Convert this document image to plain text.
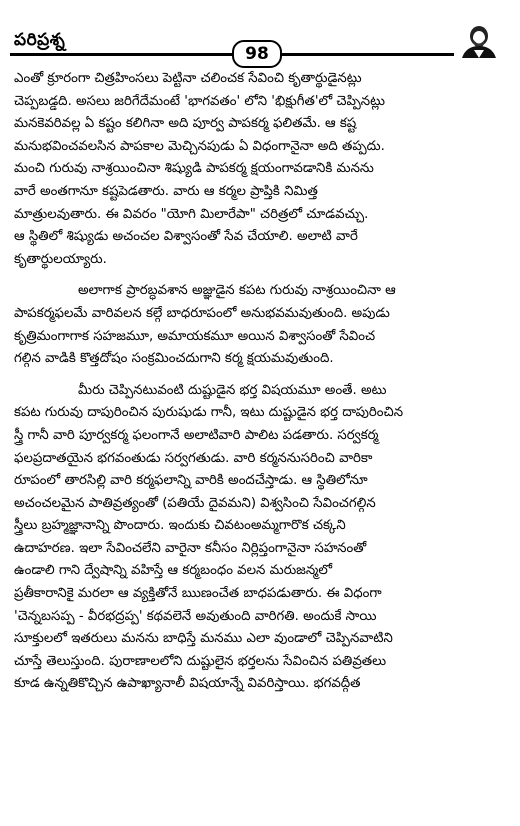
పరిప్రశ్న
98
ఎంతో క్రూరంగా చిత్రహింసలు పెట్టినా చలించక సేవించి కృతార్థుడైనట్లు
చెప్పబడ్డది. అసలు జరిగేదేమంటే 'భాగవతం' లోని 'భిక్షుగీత'లో చెప్పినట్లు
మనకెవరివల్ల ఏ కష్టం కలిగినా అది పూర్వ పాపకర్మ ఫలితమే. ఆ కష్ట
మనుభవించవలసిన పాపకాల మెచ్చినపుడు ఏ విధంగానైనా అది తప్పదు.
మంచి గురువు నాశ్రయించినా శిష్యుడి పాపకర్మ క్షయంగావడానికి మనను
వారే అంతగానూ కష్టపెడతారు. వారు ఆ కర్మల ప్రాప్తికి నిమిత్త
మాత్రులవుతారు. ఈ వివరం "యోగి మిలారేపా" చరిత్రలో చూడవచ్చు.
ఆ స్థితిలో శిష్యుడు అచంచల విశ్వాసంతో సేవ చేయాలి. అలాటి వారే
కృతార్థులయ్యారు.
అలాగాక ప్రారబ్ధవశాన అజ్ఞుడైన కపట గురువు నాశ్రయించినా ఆ
పాపకర్మఫలమే వారివలన కల్గే బాధరూపంలో అనుభవమవుతుంది. అపుడు
కృత్రిమంగాగాక సహజమూ, అమాయకమూ అయిన విశ్వాసంతో సేవించ
గల్గిన వాడికి కొత్తదోషం సంక్రమించదుగాని కర్మ క్షయమవుతుంది.
మీరు చెప్పినటువంటి దుష్టుడైన భర్త విషయమూ అంతే. అటు
కపట గురువు దాపురించిన పురుషుడు గానీ, ఇటు దుష్టుడైన భర్త దాపురించిన
స్త్రీ గానీ వారి పూర్వకర్మ ఫలంగానే అలాటివారి పాలిట పడతారు. సర్వకర్మ
ఫలప్రదాతయైన భగవంతుడు సర్వగతుడు. వారి కర్మననుసరించి వారికా
రూపంలో తారసిల్లి వారి కర్మఫలాన్ని వారికి అందచేస్తాడు. ఆ స్థితిలోనూ
అచంచలమైన పాతివ్రత్యంతో (పతియే దైవమని) విశ్వసించి సేవించగల్గిన
స్త్రీలు బ్రహ్మజ్ఞానాన్ని పొందారు. ఇందుకు చివటంఅమ్మగారొక చక్కని
ఉదాహరణ. ఇలా సేవించలేని వారైనా కనీసం నిర్లిప్తంగానైనా సహనంతో
ఉండాలి గాని ద్వేషాన్ని వహిస్తే ఆ కర్మబంధం వలన మరుజన్మలో
ప్రతీకారానికై మరలా ఆ వ్యక్తితోనే ఋణంచేత బాధపడుతారు. ఈ విధంగా
'చెన్నబసప్ప - వీరభద్రప్ప' కథవలెనే అవుతుంది వారిగతి. అందుకే సాయి
సూక్తులలో ఇతరులు మనను బాధిస్తే మనము ఎలా వుండాలో చెప్పినవాటిని
చూస్తే తెలుస్తుంది. పురాణాలలోని దుష్టులైన భర్తలను సేవించిన పతివ్రతలు
కూడ ఉన్నతికొచ్చిన ఉపాఖ్యానాలీ విషయాన్నే వివరిస్తాయి. భగవద్గీత
